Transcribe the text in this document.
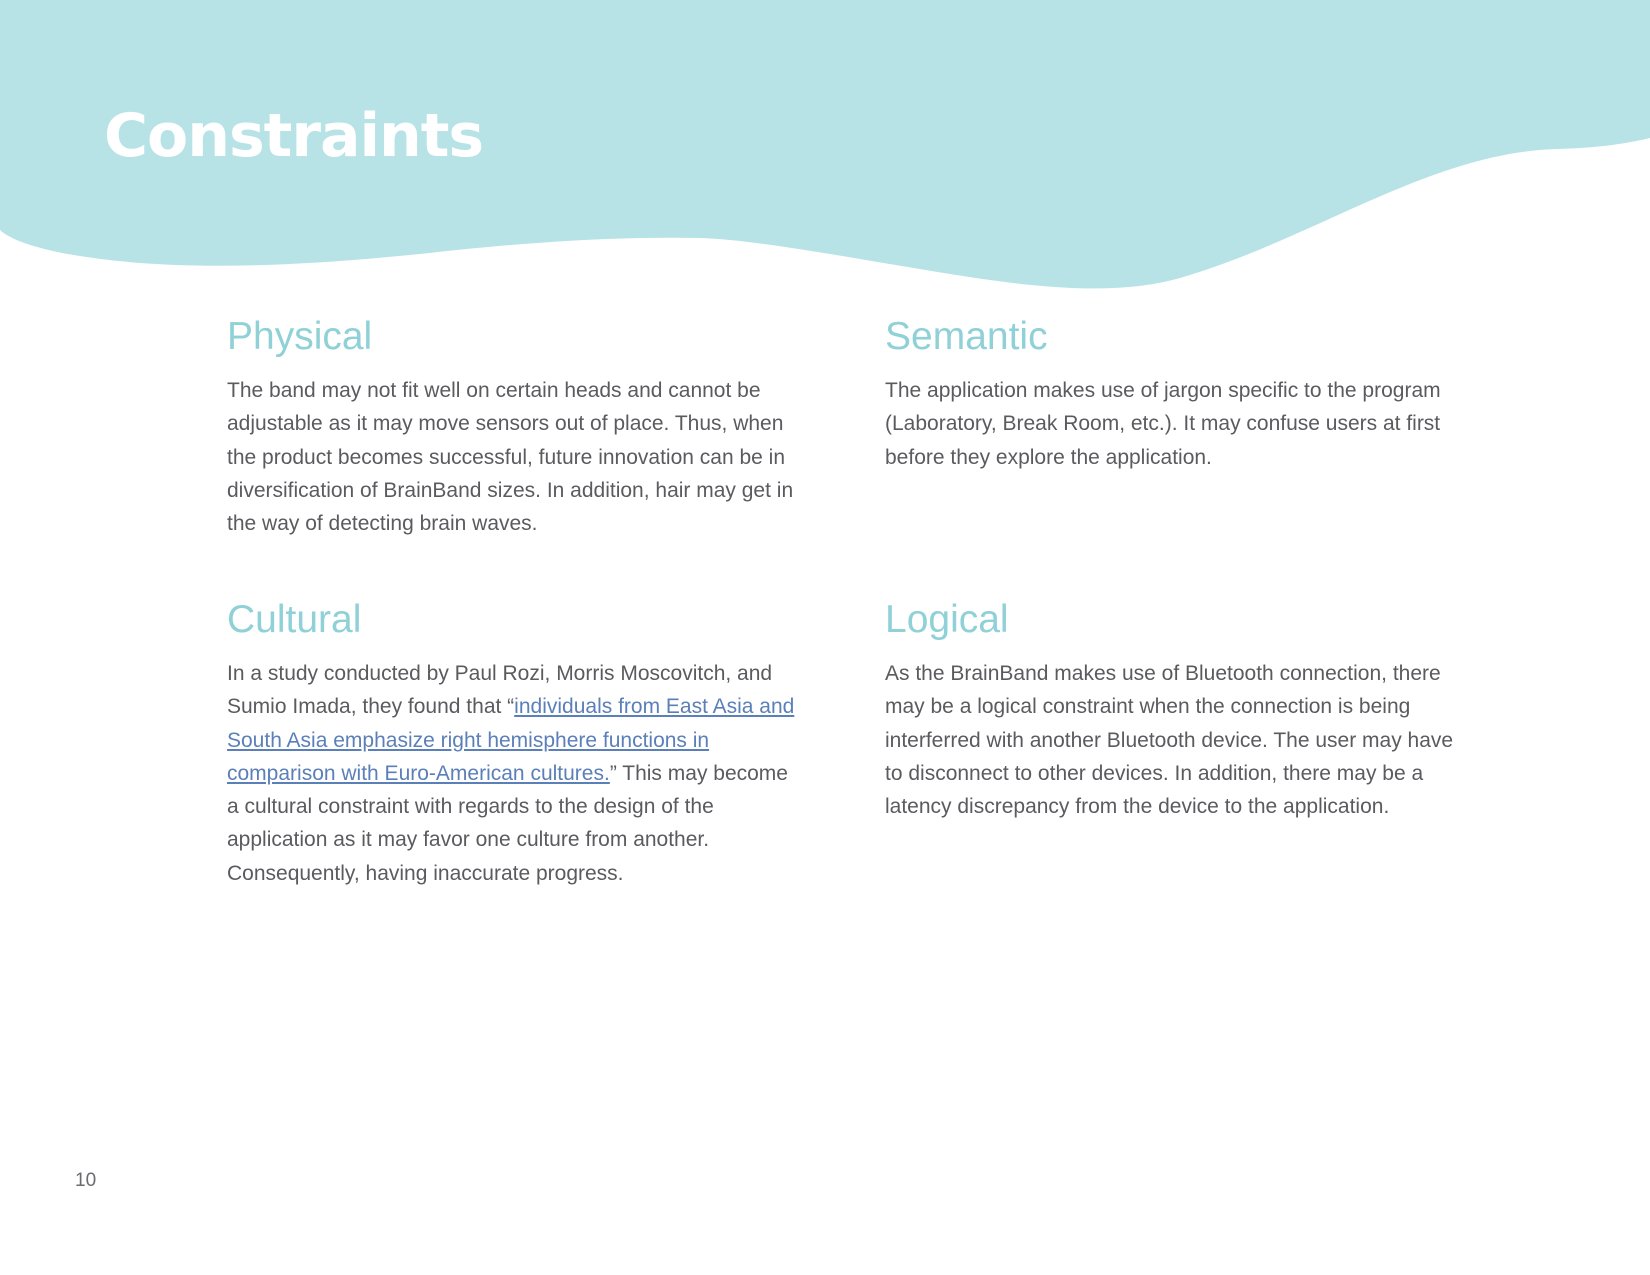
Constraints
Physical

The band may not fit well on certain heads and cannot be adjustable as it may move sensors out of place. Thus, when the product becomes successful, future innovation can be in diversification of BrainBand sizes. In addition, hair may get in the way of detecting brain waves.

Semantic

The application makes use of jargon specific to the program (Laboratory, Break Room, etc.). It may confuse users at first before they explore the application.

Cultural

In a study conducted by Paul Rozi, Morris Moscovitch, and Sumio Imada, they found that “individuals from East Asia and South Asia emphasize right hemisphere functions in comparison with Euro-American cultures.” This may become a cultural constraint with regards to the design of the application as it may favor one culture from another. Consequently, having inaccurate progress.

Logical

As the BrainBand makes use of Bluetooth connection, there may be a logical constraint when the connection is being interferred with another Bluetooth device. The user may have to disconnect to other devices. In addition, there may be a latency discrepancy from the device to the application.

10
